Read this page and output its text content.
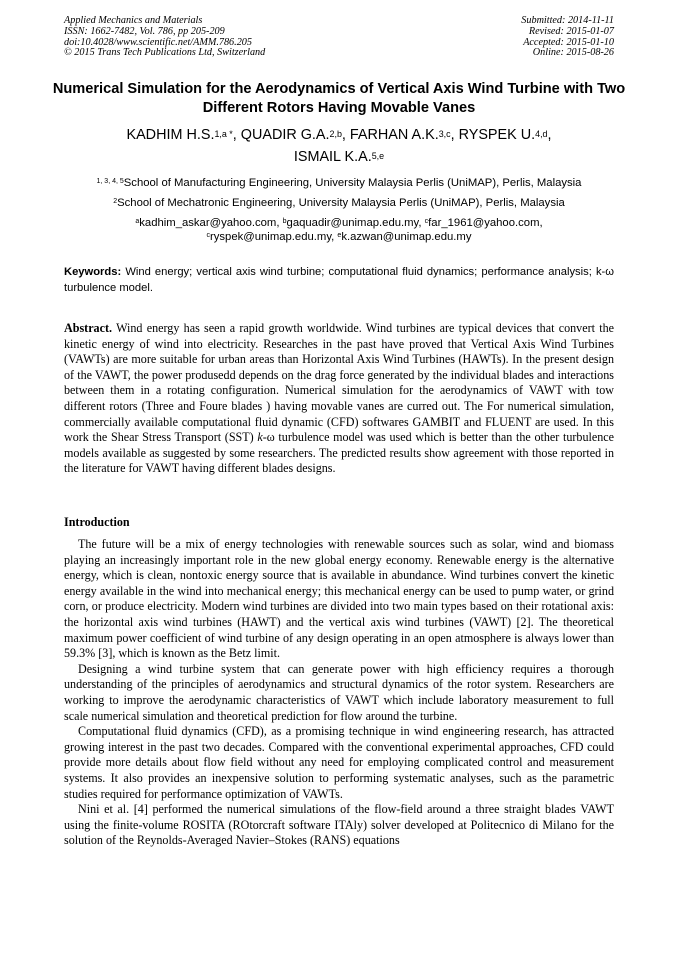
Applied Mechanics and Materials
ISSN: 1662-7482, Vol. 786, pp 205-209
doi:10.4028/www.scientific.net/AMM.786.205
© 2015 Trans Tech Publications Ltd, Switzerland
Submitted: 2014-11-11
Revised: 2015-01-07
Accepted: 2015-01-10
Online: 2015-08-26
Numerical Simulation for the Aerodynamics of Vertical Axis Wind Turbine with Two Different Rotors Having Movable Vanes
KADHIM H.S.$^{1,a *}$, QUADIR G.A.$^{2,b}$, FARHAN A.K.$^{3,c}$, RYSPEK U.$^{4,d}$,
ISMAIL K.A.$^{5,e}$
$^{1, 3, 4, 5}$School of Manufacturing Engineering, University Malaysia Perlis (UniMAP), Perlis, Malaysia
$^2$School of Mechatronic Engineering, University Malaysia Perlis (UniMAP), Perlis, Malaysia
$^a$kadhim_askar@yahoo.com, $^b$gaquadir@unimap.edu.my, $^c$far_1961@yahoo.com,
$^c$ryspek@unimap.edu.my, $^e$k.azwan@unimap.edu.my
Keywords: Wind energy; vertical axis wind turbine; computational fluid dynamics; performance analysis; k-ω turbulence model.
Abstract. Wind energy has seen a rapid growth worldwide. Wind turbines are typical devices that convert the kinetic energy of wind into electricity. Researches in the past have proved that Vertical Axis Wind Turbines (VAWTs) are more suitable for urban areas than Horizontal Axis Wind Turbines (HAWTs). In the present design of the VAWT, the power produsedd depends on the drag force generated by the individual blades and interactions between them in a rotating configuration. Numerical simulation for the aerodynamics of VAWT with tow different rotors (Three and Foure blades ) having movable vanes are curred out. The For numerical simulation, commercially available computational fluid dynamic (CFD) softwares GAMBIT and FLUENT are used. In this work the Shear Stress Transport (SST) k-ω turbulence model was used which is better than the other turbulence models available as suggested by some researchers. The predicted results show agreement with those reported in the literature for VAWT having different blades designs.
Introduction

The future will be a mix of energy technologies with renewable sources such as solar, wind and biomass playing an increasingly important role in the new global energy economy. Renewable energy is the alternative energy, which is clean, nontoxic energy source that is available in abundance. Wind turbines convert the kinetic energy available in the wind into mechanical energy; this mechanical energy can be used to pump water, or grind corn, or produce electricity. Modern wind turbines are divided into two main types based on their rotational axis: the horizontal axis wind turbines (HAWT) and the vertical axis wind turbines (VAWT) [2]. The theoretical maximum power coefficient of wind turbine of any design operating in an open atmosphere is always lower than 59.3% [3], which is known as the Betz limit.

Designing a wind turbine system that can generate power with high efficiency requires a thorough understanding of the principles of aerodynamics and structural dynamics of the rotor system. Researchers are working to improve the aerodynamic characteristics of VAWT which include laboratory measurement to full scale numerical simulation and theoretical prediction for flow around the turbine.

Computational fluid dynamics (CFD), as a promising technique in wind engineering research, has attracted growing interest in the past two decades. Compared with the conventional experimental approaches, CFD could provide more details about flow field without any need for employing complicated control and measurement systems. It also provides an inexpensive solution to performing systematic analyses, such as the parametric studies required for performance optimization of VAWTs.

Nini et al. [4] performed the numerical simulations of the flow-field around a three straight blades VAWT using the finite-volume ROSITA (ROtorcraft software ITAly) solver developed at Politecnico di Milano for the solution of the Reynolds-Averaged Navier–Stokes (RANS) equations
